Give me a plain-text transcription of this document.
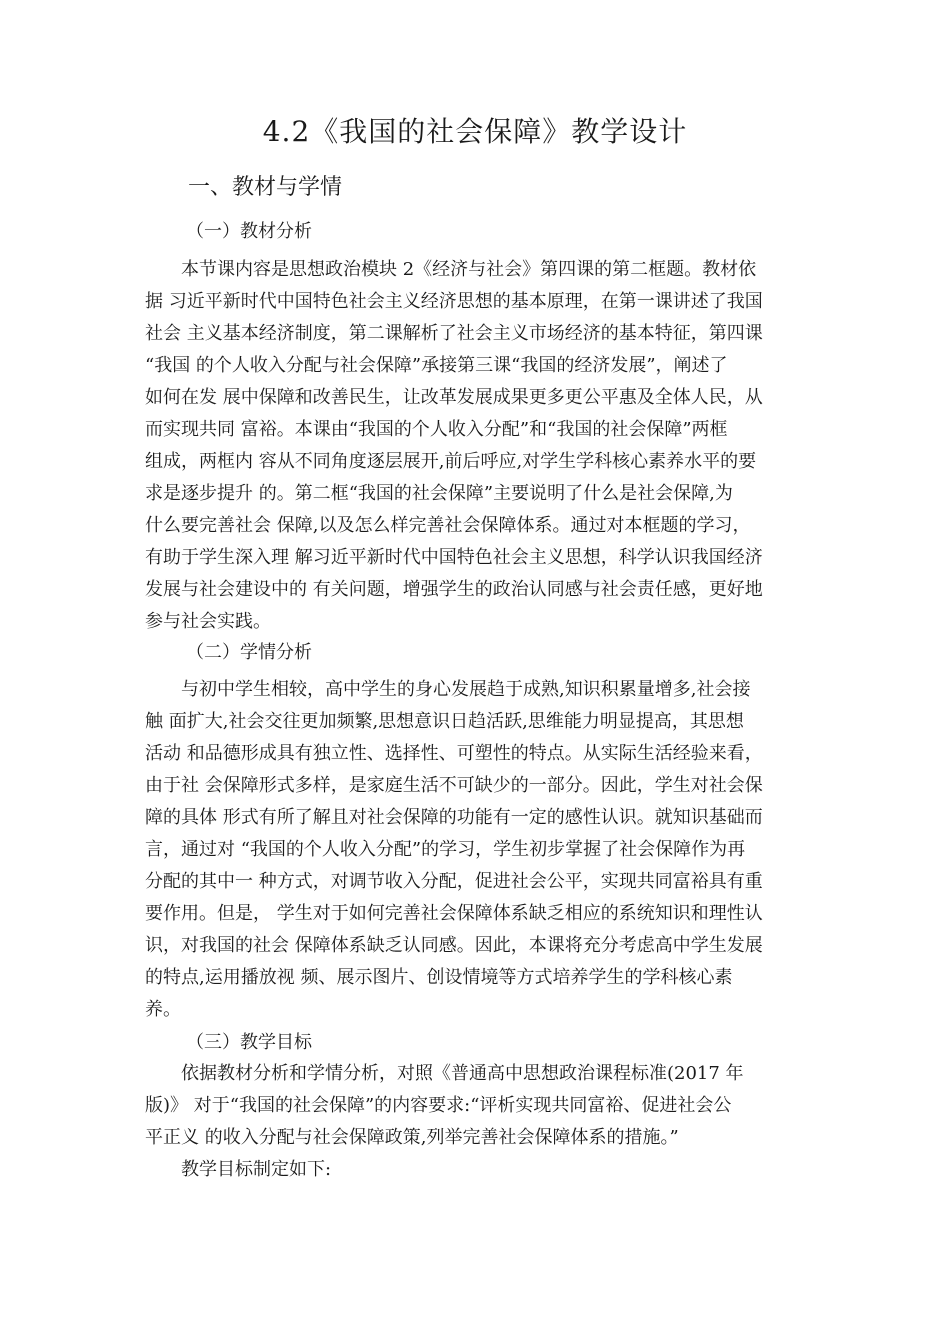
4.2《我国的社会保障》教学设计
一、教材与学情
（一）教材分析
　　本节课内容是思想政治模块 2《经济与社会》第四课的第二框题。教材依
据 习近平新时代中国特色社会主义经济思想的基本原理，在第一课讲述了我国
社会 主义基本经济制度，第二课解析了社会主义市场经济的基本特征，第四课
“我国 的个人收入分配与社会保障”承接第三课“我国的经济发展”，阐述了
如何在发 展中保障和改善民生，让改革发展成果更多更公平惠及全体人民，从
而实现共同 富裕。本课由“我国的个人收入分配”和“我国的社会保障”两框
组成，两框内 容从不同角度逐层展开,前后呼应,对学生学科核心素养水平的要
求是逐步提升 的。第二框“我国的社会保障”主要说明了什么是社会保障,为
什么要完善社会 保障,以及怎么样完善社会保障体系。通过对本框题的学习，
有助于学生深入理 解习近平新时代中国特色社会主义思想，科学认识我国经济
发展与社会建设中的 有关问题，增强学生的政治认同感与社会责任感，更好地
参与社会实践。
（二）学情分析
　　与初中学生相较，高中学生的身心发展趋于成熟,知识积累量增多,社会接
触 面扩大,社会交往更加频繁,思想意识日趋活跃,思维能力明显提高，其思想
活动 和品德形成具有独立性、选择性、可塑性的特点。从实际生活经验来看，
由于社 会保障形式多样，是家庭生活不可缺少的一部分。因此，学生对社会保
障的具体 形式有所了解且对社会保障的功能有一定的感性认识。就知识基础而
言，通过对 “我国的个人收入分配”的学习，学生初步掌握了社会保障作为再
分配的其中一 种方式，对调节收入分配，促进社会公平，实现共同富裕具有重
要作用。但是， 学生对于如何完善社会保障体系缺乏相应的系统知识和理性认
识，对我国的社会 保障体系缺乏认同感。因此，本课将充分考虑高中学生发展
的特点,运用播放视 频、展示图片、创设情境等方式培养学生的学科核心素
养。
（三）教学目标
　　依据教材分析和学情分析，对照《普通高中思想政治课程标准(2017 年
版)》 对于“我国的社会保障”的内容要求:“评析实现共同富裕、促进社会公
平正义 的收入分配与社会保障政策,列举完善社会保障体系的措施。”
　　教学目标制定如下:
